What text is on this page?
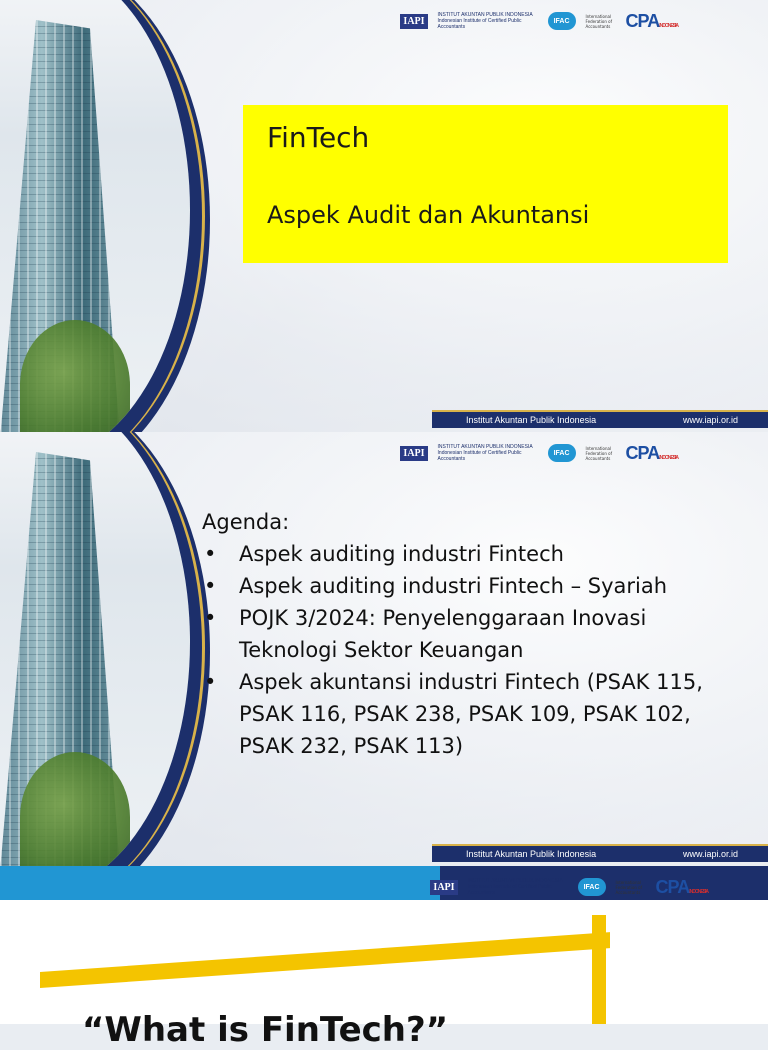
IAPI
INSTITUT AKUNTAN PUBLIK INDONESIA
Indonesian Institute of Certified Public Accountants
IFAC
International Federation of Accountants CPAINDONESIA
FinTech
Aspek Audit dan Akuntansi
Institut Akuntan Publik Indonesia	www.iapi.or.id
IAPI
INSTITUT AKUNTAN PUBLIK INDONESIA
Indonesian Institute of Certified Public Accountants
IFAC
International Federation of Accountants CPAINDONESIA
Institut Akuntan Publik Indonesia	www.iapi.or.id
Agenda:
• Aspek auditing industri Fintech
• Aspek auditing industri Fintech – Syariah
• POJK 3/2024: Penyelenggaraan Inovasi Teknologi Sektor Keuangan
• Aspek akuntansi industri Fintech (PSAK 115, PSAK 116, PSAK 238, PSAK 109, PSAK 102, PSAK 232, PSAK 113)
IAPI
INSTITUT AKUNTAN PUBLIK INDONESIA
Indonesian Institute of Certified Public Accountants
IFAC
International Federation of Accountants CPAINDONESIA
“What is FinTech?”
